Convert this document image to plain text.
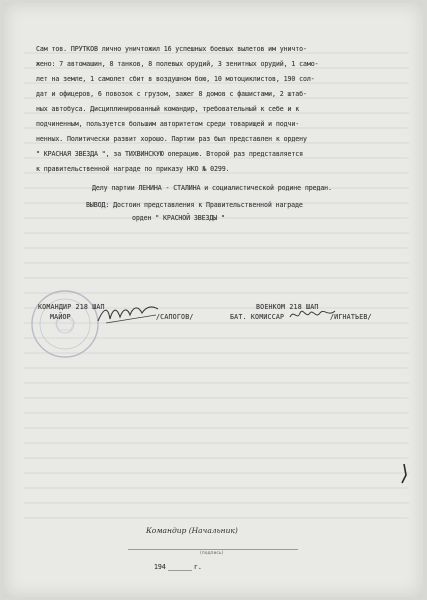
Сам тов. ПРУТКОВ лично уничтожил 16 успешных боевых вылетов им уничто-
жено: 7 автомашин, 8 танков, 8 полевых орудий, 3 зенитных орудий, 1 само-
лет на земле, 1 самолет сбит в воздушном бою, 10 мотоциклистов, 190 сол-
дат и офицеров, 6 повозок с грузом, зажег 8 домов с фашистами, 2 штаб-
ных автобуса. Дисциплинированный командир, требовательный к себе и к
подчиненным, пользуется большим авторитетом среди товарищей и подчи-
ненных. Политически развит хорошо. Партии раз был представлен к ордену
" КРАСНАЯ ЗВЕЗДА ", за ТИХВИНСКУЮ операцию. Второй раз представляется
к правительственной награде по приказу НКО № 0299.
Делу партии ЛЕНИНА - СТАЛИНА и социалистической родине предан.
ВЫВОД: Достоин представления к Правительственной награде
орден " КРАСНОЙ ЗВЕЗДЫ "
КОМАНДИР 218 ШАП
МАЙОР	/САПОГОВ/
ВОЕНКОМ 218 ШАП
БАТ. КОМИССАР	/ИГНАТЬЕВ/
Командир (Начальник)
(подпись)
194	г.
